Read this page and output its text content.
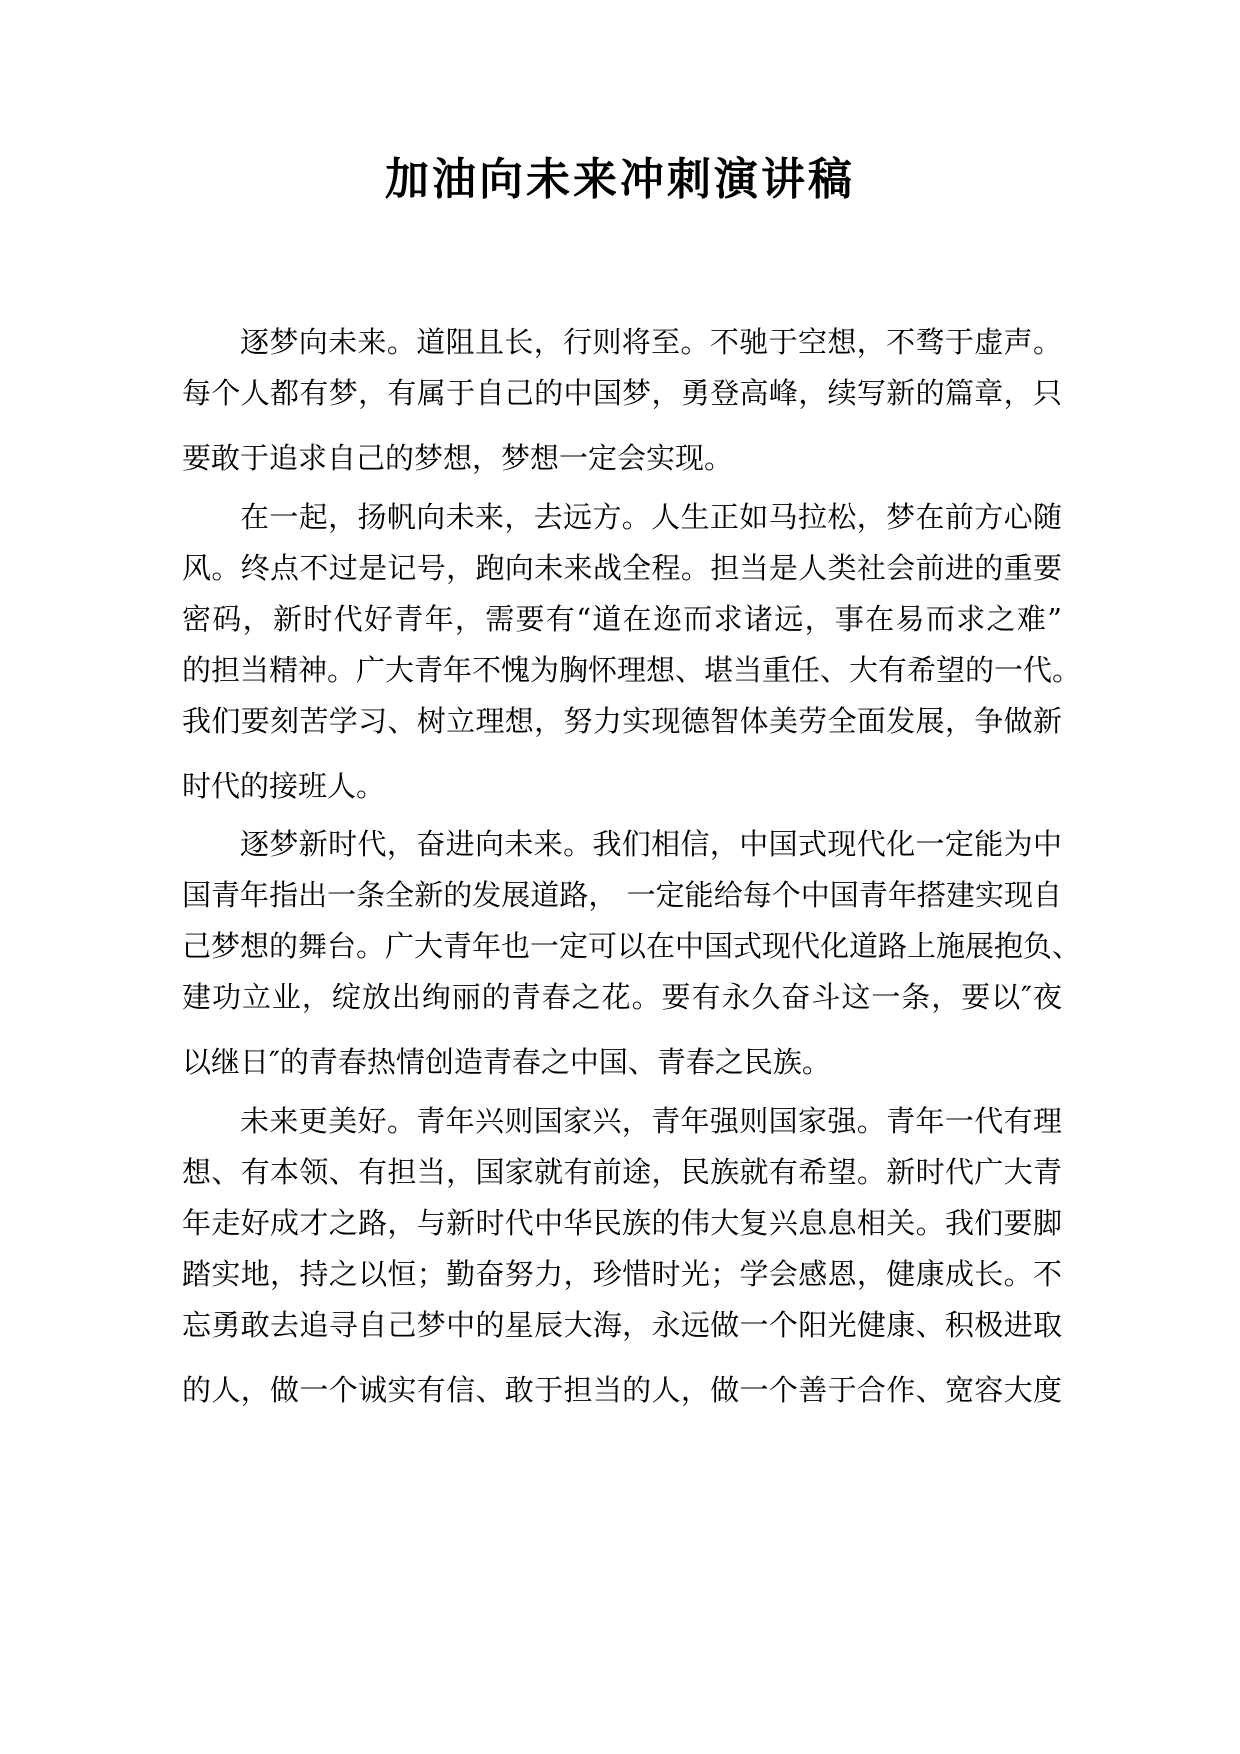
加油向未来冲刺演讲稿

逐梦向未来。道阻且长，行则将至。不驰于空想，不骛于虚声。

每个人都有梦，有属于自己的中国梦，勇登高峰，续写新的篇章，只

要敢于追求自己的梦想，梦想一定会实现。

在一起，扬帆向未来，去远方。人生正如马拉松，梦在前方心随

风。终点不过是记号，跑向未来战全程。担当是人类社会前进的重要

密码，新时代好青年，需要有“道在迩而求诸远，事在易而求之难”

的担当精神。广大青年不愧为胸怀理想、堪当重任、大有希望的一代。

我们要刻苦学习、树立理想，努力实现德智体美劳全面发展，争做新

时代的接班人。

逐梦新时代，奋进向未来。我们相信，中国式现代化一定能为中

国青年指出一条全新的发展道路， 一定能给每个中国青年搭建实现自

己梦想的舞台。广大青年也一定可以在中国式现代化道路上施展抱负、

建功立业，绽放出绚丽的青春之花。要有永久奋斗这一条，要以″夜

以继日″的青春热情创造青春之中国、青春之民族。

未来更美好。青年兴则国家兴，青年强则国家强。青年一代有理

想、有本领、有担当，国家就有前途，民族就有希望。新时代广大青

年走好成才之路，与新时代中华民族的伟大复兴息息相关。我们要脚

踏实地，持之以恒；勤奋努力，珍惜时光；学会感恩，健康成长。不

忘勇敢去追寻自己梦中的星辰大海，永远做一个阳光健康、积极进取

的人，做一个诚实有信、敢于担当的人，做一个善于合作、宽容大度
